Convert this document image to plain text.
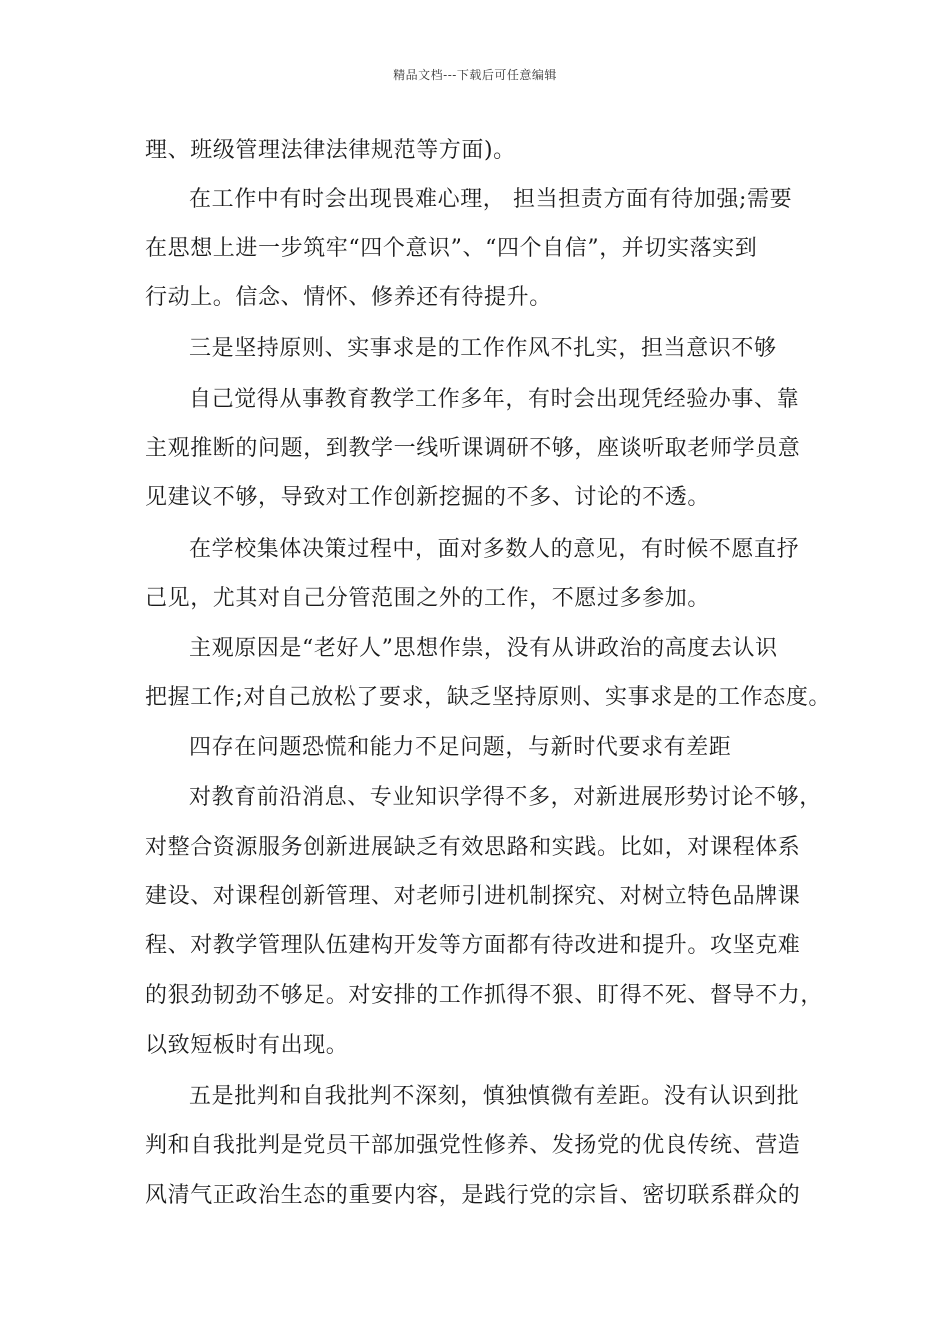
精品文档---下载后可任意编辑
理、班级管理法律法律规范等方面)。
在工作中有时会出现畏难心理， 担当担责方面有待加强;需要
在思想上进一步筑牢“四个意识”、“四个自信”，并切实落实到
行动上。信念、情怀、修养还有待提升。
三是坚持原则、实事求是的工作作风不扎实，担当意识不够
自己觉得从事教育教学工作多年，有时会出现凭经验办事、靠
主观推断的问题，到教学一线听课调研不够，座谈听取老师学员意
见建议不够，导致对工作创新挖掘的不多、讨论的不透。
在学校集体决策过程中，面对多数人的意见，有时候不愿直抒
己见，尤其对自己分管范围之外的工作，不愿过多参加。
主观原因是“老好人”思想作祟，没有从讲政治的高度去认识
把握工作;对自己放松了要求，缺乏坚持原则、实事求是的工作态度。
四存在问题恐慌和能力不足问题，与新时代要求有差距
对教育前沿消息、专业知识学得不多，对新进展形势讨论不够，
对整合资源服务创新进展缺乏有效思路和实践。比如，对课程体系
建设、对课程创新管理、对老师引进机制探究、对树立特色品牌课
程、对教学管理队伍建构开发等方面都有待改进和提升。攻坚克难
的狠劲韧劲不够足。对安排的工作抓得不狠、盯得不死、督导不力，
以致短板时有出现。
五是批判和自我批判不深刻，慎独慎微有差距。没有认识到批
判和自我批判是党员干部加强党性修养、发扬党的优良传统、营造
风清气正政治生态的重要内容，是践行党的宗旨、密切联系群众的
